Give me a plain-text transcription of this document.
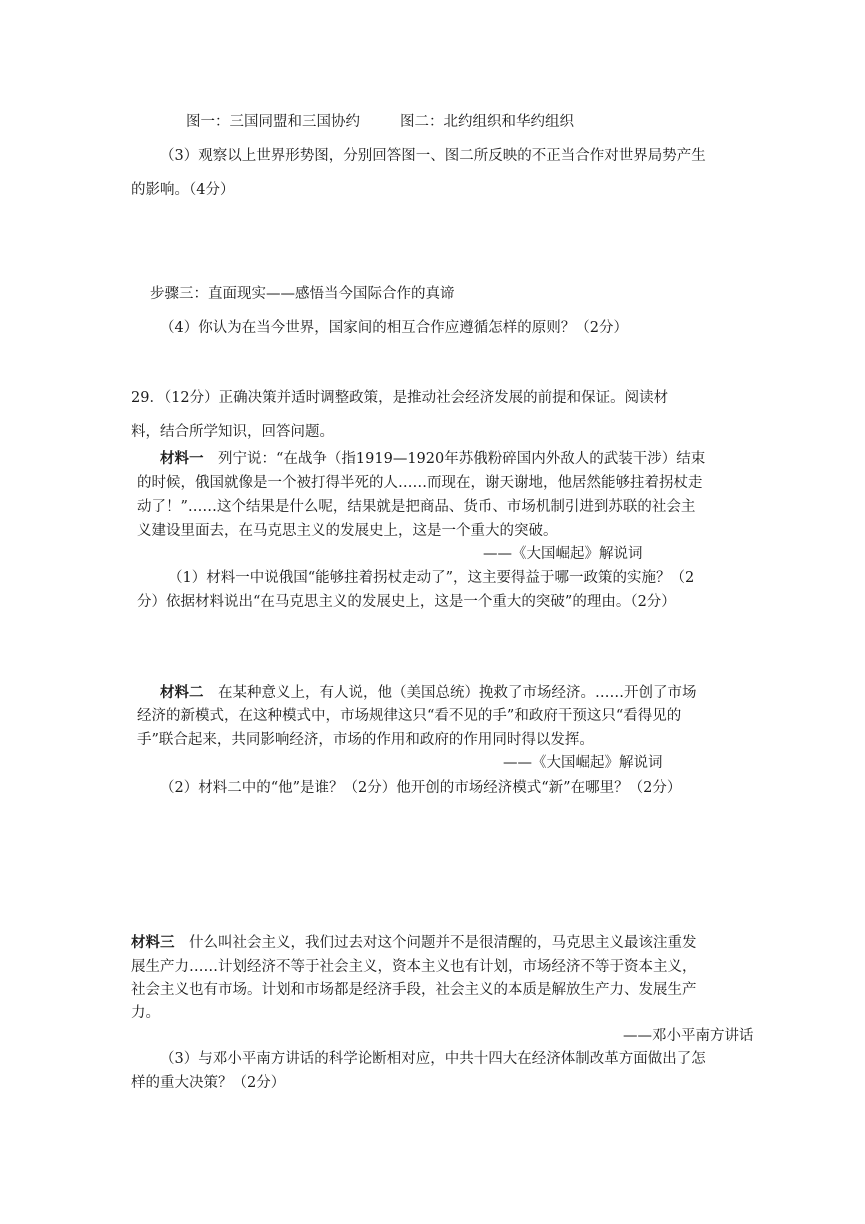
图一：三国同盟和三国协约	图二：北约组织和华约组织
（3）观察以上世界形势图，分别回答图一、图二所反映的不正当合作对世界局势产生
的影响。（4分）
步骤三：直面现实——感悟当今国际合作的真谛
（4）你认为在当今世界，国家间的相互合作应遵循怎样的原则？（2分）
29．（12分）正确决策并适时调整政策，是推动社会经济发展的前提和保证。阅读材
料，结合所学知识，回答问题。
材料一　列宁说：“在战争（指1919—1920年苏俄粉碎国内外敌人的武装干涉）结束
的时候，俄国就像是一个被打得半死的人……而现在，谢天谢地，他居然能够拄着拐杖走
动了！”……这个结果是什么呢，结果就是把商品、货币、市场机制引进到苏联的社会主
义建设里面去，在马克思主义的发展史上，这是一个重大的突破。
——《大国崛起》解说词
（1）材料一中说俄国“能够拄着拐杖走动了”，这主要得益于哪一政策的实施？（2
分）依据材料说出“在马克思主义的发展史上，这是一个重大的突破”的理由。（2分）
材料二　在某种意义上，有人说，他（美国总统）挽救了市场经济。……开创了市场
经济的新模式，在这种模式中，市场规律这只“看不见的手”和政府干预这只“看得见的
手”联合起来，共同影响经济，市场的作用和政府的作用同时得以发挥。
——《大国崛起》解说词
（2）材料二中的“他”是谁？（2分）他开创的市场经济模式“新”在哪里？（2分）
材料三　什么叫社会主义，我们过去对这个问题并不是很清醒的，马克思主义最该注重发
展生产力……计划经济不等于社会主义，资本主义也有计划，市场经济不等于资本主义，
社会主义也有市场。计划和市场都是经济手段，社会主义的本质是解放生产力、发展生产
力。
——邓小平南方讲话
（3）与邓小平南方讲话的科学论断相对应，中共十四大在经济体制改革方面做出了怎
样的重大决策？（2分）
